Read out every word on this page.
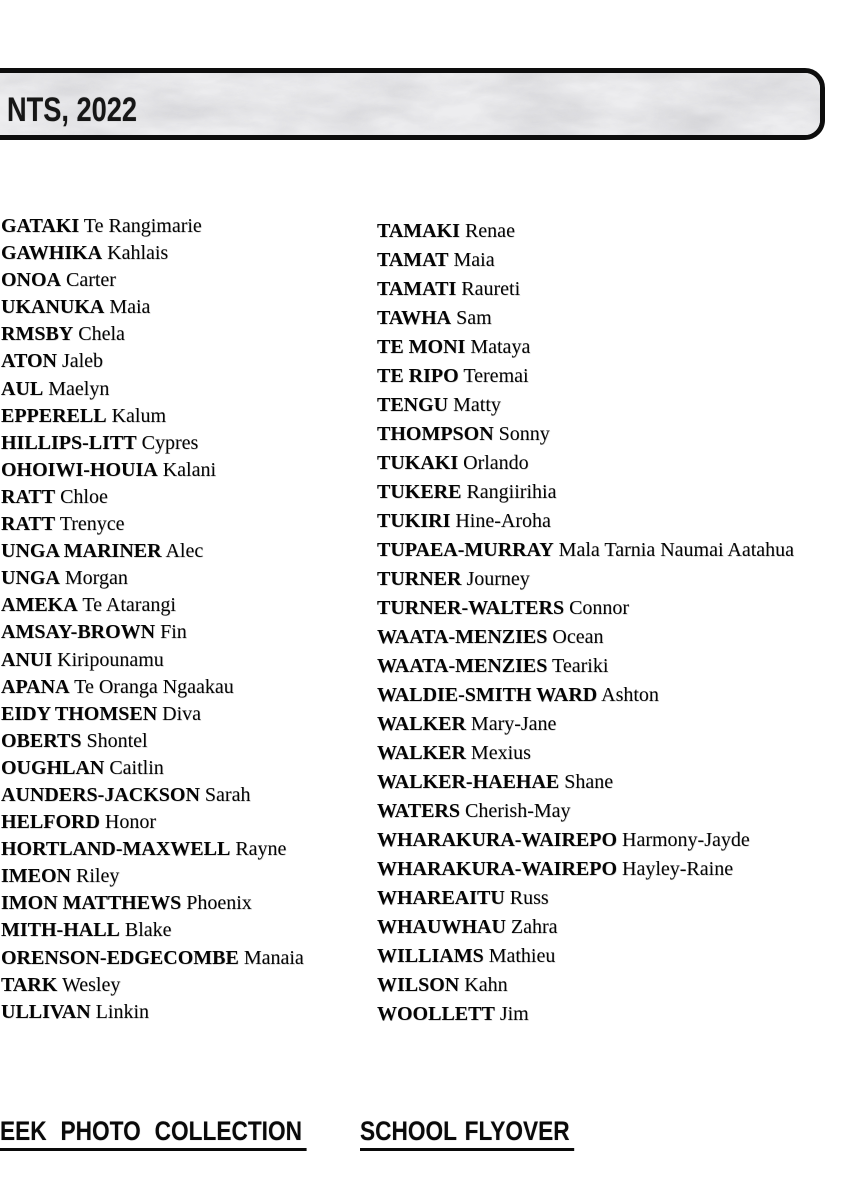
NTS, 2022
GATAKI Te Rangimarie
GAWHIKA Kahlais
ONOA Carter
UKANUKA Maia
RMSBY Chela
ATON Jaleb
AUL Maelyn
EPPERELL Kalum
HILLIPS-LITT Cypres
OHOIWI-HOUIA Kalani
RATT Chloe
RATT Trenyce
UNGA MARINER Alec
UNGA Morgan
AMEKA Te Atarangi
AMSAY-BROWN Fin
ANUI Kiripounamu
APANA Te Oranga Ngaakau
EIDY THOMSEN Diva
OBERTS Shontel
OUGHLAN Caitlin
AUNDERS-JACKSON Sarah
HELFORD Honor
HORTLAND-MAXWELL Rayne
IMEON Riley
IMON MATTHEWS Phoenix
MITH-HALL Blake
ORENSON-EDGECOMBE Manaia
TARK Wesley
ULLIVAN Linkin
TAMAKI Renae
TAMAT Maia
TAMATI Raureti
TAWHA Sam
TE MONI Mataya
TE RIPO Teremai
TENGU Matty
THOMPSON Sonny
TUKAKI Orlando
TUKERE Rangiirihia
TUKIRI Hine-Aroha
TUPAEA-MURRAY Mala Tarnia Naumai Aatahua
TURNER Journey
TURNER-WALTERS Connor
WAATA-MENZIES Ocean
WAATA-MENZIES Teariki
WALDIE-SMITH WARD Ashton
WALKER Mary-Jane
WALKER Mexius
WALKER-HAEHAE Shane
WATERS Cherish-May
WHARAKURA-WAIREPO Harmony-Jayde
WHARAKURA-WAIREPO Hayley-Raine
WHAREAITU Russ
WHAUWHAU Zahra
WILLIAMS Mathieu
WILSON Kahn
WOOLLETT Jim
EEK PHOTO COLLECTION SCHOOL FLYOVER
